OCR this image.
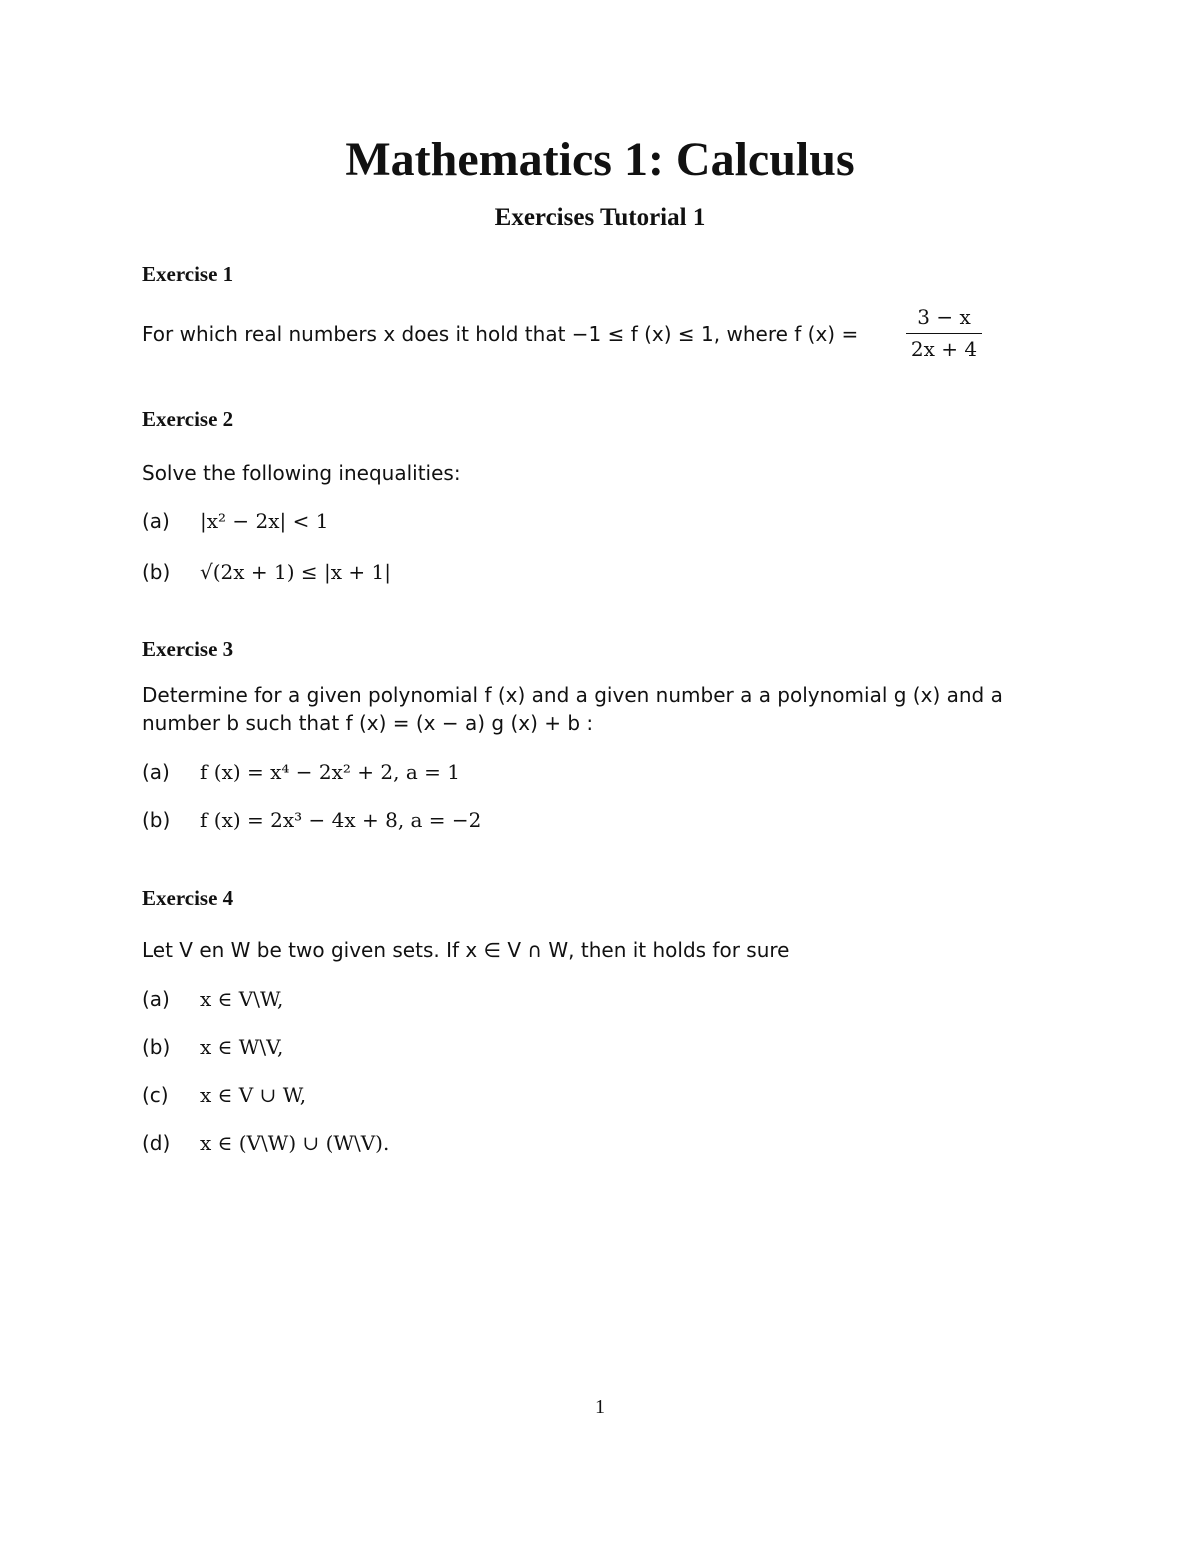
Mathematics 1: Calculus
Exercises Tutorial 1
Exercise 1
For which real numbers x does it hold that −1 ≤ f (x) ≤ 1, where f (x) =
3 − x
2x + 4
Exercise 2
Solve the following inequalities:
(a) |x² − 2x| < 1
(b) √(2x + 1) ≤ |x + 1|
Exercise 3
Determine for a given polynomial f (x) and a given number a a polynomial g (x) and a
number b such that f (x) = (x − a) g (x) + b :
(a) f (x) = x⁴ − 2x² + 2, a = 1
(b) f (x) = 2x³ − 4x + 8, a = −2
Exercise 4
Let V en W be two given sets. If x ∈ V ∩ W, then it holds for sure
(a) x ∈ V\W,
(b) x ∈ W\V,
(c) x ∈ V ∪ W,
(d) x ∈ (V\W) ∪ (W\V).
1
